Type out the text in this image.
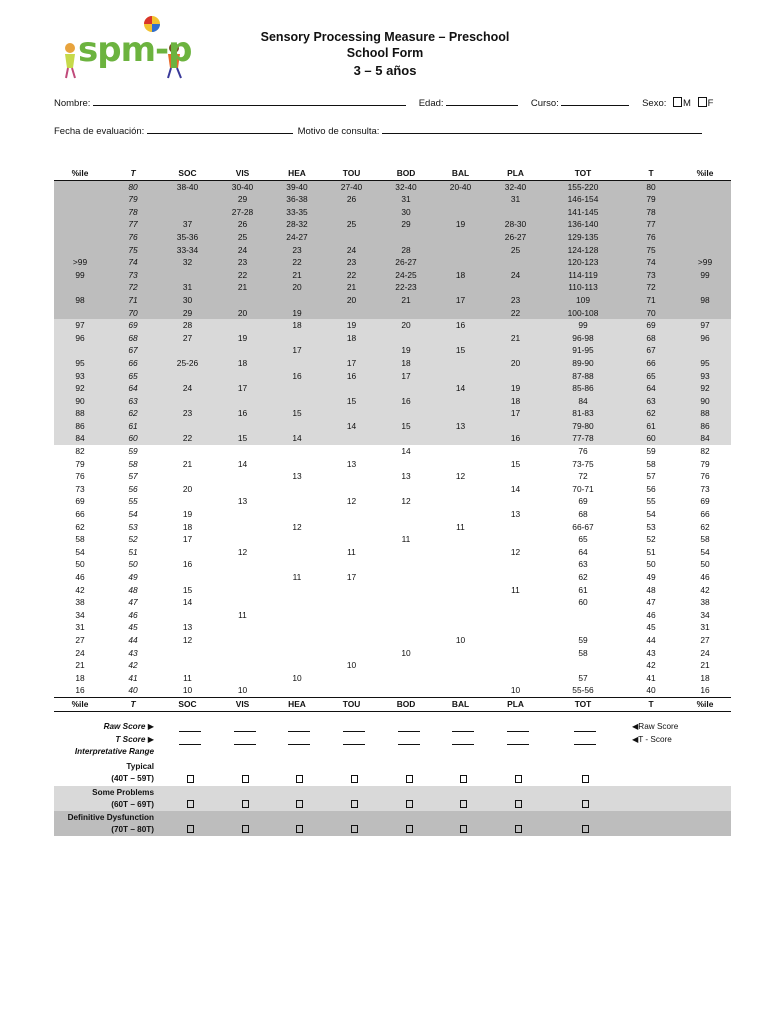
spm-p	Sensory Processing Measure – Preschool
School Form
3 – 5 años
Nombre:	Edad:	Curso:	Sexo: M F
Fecha de evaluación:	Motivo de consulta:
%ile	T	SOC	VIS	HEA	TOU	BOD	BAL	PLA	TOT	T	%ile
	80	38-40	30-40	39-40	27-40	32-40	20-40	32-40	155-220	80	
	79		29	36-38	26	31		31	146-154	79	
	78		27-28	33-35		30			141-145	78	
	77	37	26	28-32	25	29	19	28-30	136-140	77	
	76	35-36	25	24-27				26-27	129-135	76	
	75	33-34	24	23	24	28		25	124-128	75	
>99	74	32	23	22	23	26-27			120-123	74	>99
99	73		22	21	22	24-25	18	24	114-119	73	99
	72	31	21	20	21	22-23			110-113	72	
98	71	30			20	21	17	23	109	71	98
	70	29	20	19				22	100-108	70	
97	69	28		18	19	20	16		99	69	97
96	68	27	19		18			21	96-98	68	96
	67			17		19	15		91-95	67	
95	66	25-26	18		17	18		20	89-90	66	95
93	65			16	16	17			87-88	65	93
92	64	24	17				14	19	85-86	64	92
90	63				15	16		18	84	63	90
88	62	23	16	15				17	81-83	62	88
86	61				14	15	13		79-80	61	86
84	60	22	15	14				16	77-78	60	84
82	59					14			76	59	82
79	58	21	14		13			15	73-75	58	79
76	57			13		13	12		72	57	76
73	56	20						14	70-71	56	73
69	55		13		12	12			69	55	69
66	54	19						13	68	54	66
62	53	18		12			11		66-67	53	62
58	52	17				11			65	52	58
54	51		12		11			12	64	51	54
50	50	16							63	50	50
46	49			11	17				62	49	46
42	48	15						11	61	48	42
38	47	14							60	47	38
34	46		11							46	34
31	45	13								45	31
27	44	12					10		59	44	27
24	43					10			58	43	24
21	42				10					42	21
18	41	11		10					57	41	18
16	40	10	10					10	55-56	40	16
%ile	T	SOC	VIS	HEA	TOU	BOD	BAL	PLA	TOT	T	%ile
Raw Score ▶	◀Raw Score
T Score ▶	◀T - Score
Interpretative Range
Typical
(40T – 59T)
Some Problems
(60T – 69T)
Definitive Dysfunction
(70T – 80T)
